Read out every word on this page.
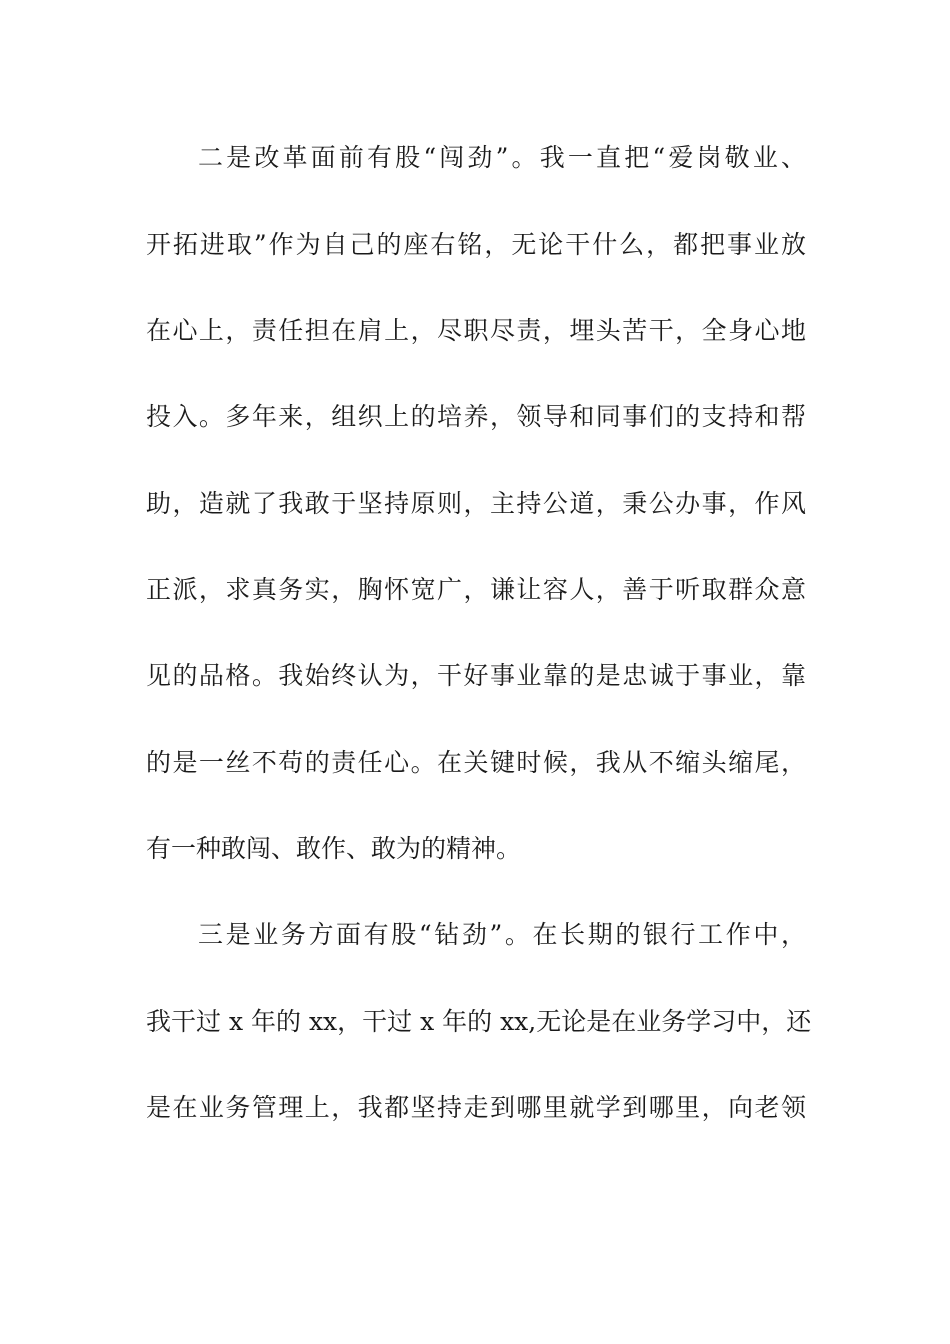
二是改革面前有股“闯劲”。我一直把“爱岗敬业、
开拓进取”作为自己的座右铭，无论干什么，都把事业放
在心上，责任担在肩上，尽职尽责，埋头苦干，全身心地
投入。多年来，组织上的培养，领导和同事们的支持和帮
助，造就了我敢于坚持原则，主持公道，秉公办事，作风
正派，求真务实，胸怀宽广，谦让容人，善于听取群众意
见的品格。我始终认为，干好事业靠的是忠诚于事业，靠
的是一丝不苟的责任心。在关键时候，我从不缩头缩尾，
有一种敢闯、敢作、敢为的精神。
三是业务方面有股“钻劲”。在长期的银行工作中，
我干过 x 年的 xx，干过 x 年的 xx,无论是在业务学习中，还
是在业务管理上，我都坚持走到哪里就学到哪里，向老领
